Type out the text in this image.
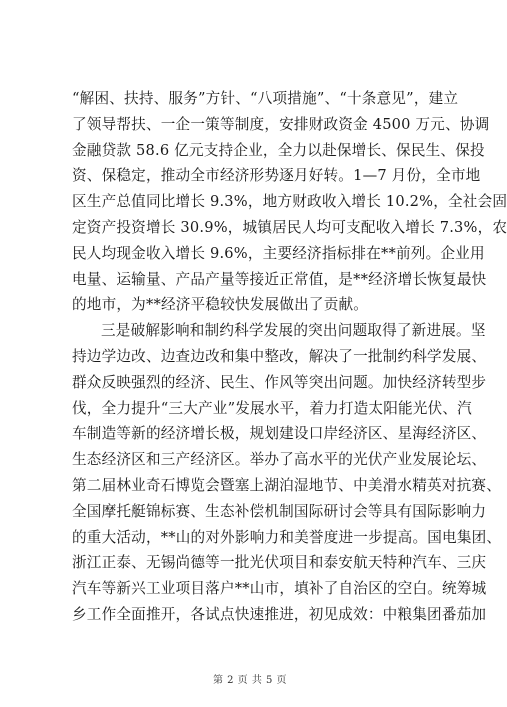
“解困、扶持、服务”方针、“八项措施”、“十条意见”，建立
了领导帮扶、一企一策等制度，安排财政资金 4500 万元、协调
金融贷款 58.6 亿元支持企业，全力以赴保增长、保民生、保投
资、保稳定，推动全市经济形势逐月好转。1—7 月份，全市地
区生产总值同比增长 9.3%，地方财政收入增长 10.2%，全社会固
定资产投资增长 30.9%，城镇居民人均可支配收入增长 7.3%，农
民人均现金收入增长 9.6%，主要经济指标排在**前列。企业用
电量、运输量、产品产量等接近正常值，是**经济增长恢复最快
的地市，为**经济平稳较快发展做出了贡献。
三是破解影响和制约科学发展的突出问题取得了新进展。坚
持边学边改、边查边改和集中整改，解决了一批制约科学发展、
群众反映强烈的经济、民生、作风等突出问题。加快经济转型步
伐，全力提升“三大产业”发展水平，着力打造太阳能光伏、汽
车制造等新的经济增长极，规划建设口岸经济区、星海经济区、
生态经济区和三产经济区。举办了高水平的光伏产业发展论坛、
第二届林业奇石博览会暨塞上湖泊湿地节、中美滑水精英对抗赛、
全国摩托艇锦标赛、生态补偿机制国际研讨会等具有国际影响力
的重大活动，**山的对外影响力和美誉度进一步提高。国电集团、
浙江正泰、无锡尚德等一批光伏项目和泰安航天特种汽车、三庆
汽车等新兴工业项目落户**山市，填补了自治区的空白。统筹城
乡工作全面推开，各试点快速推进，初见成效：中粮集团番茄加
第 2 页 共 5 页
